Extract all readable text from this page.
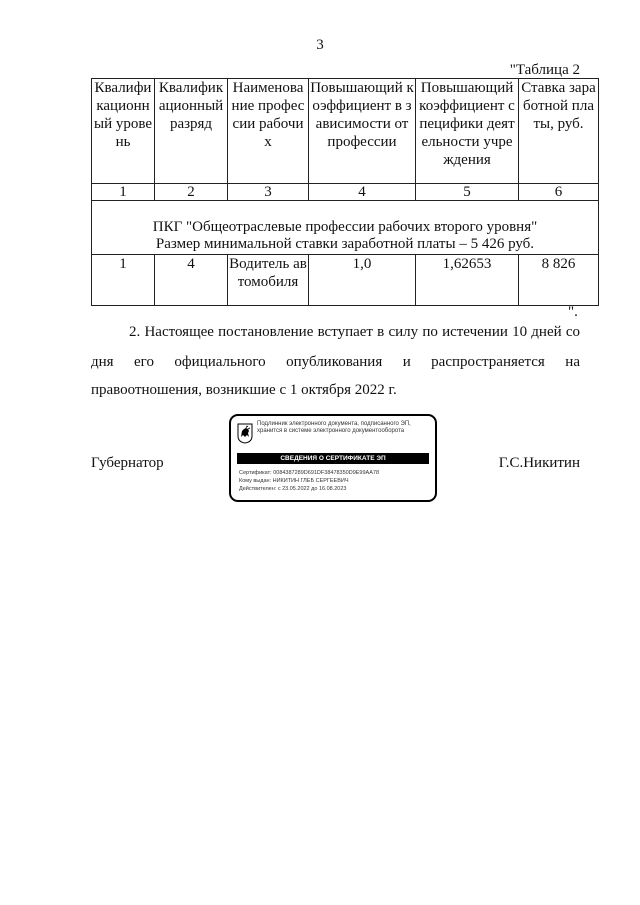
3
"Таблица 2
Квалификационный уровень	Квалификационный разряд	Наименование профессии рабочих	Повышающий коэффициент в зависимости от профессии	Повышающий коэффициент специфики деятельности учреждения	Ставка заработной платы, руб.
1	2	3	4	5	6

ПКГ "Общеотраслевые профессии рабочих второго уровня"
Размер минимальной ставки заработной платы – 5 426 руб.					

1	4	Водитель автомобиля	1,0	1,62653	8 826
".
2. Настоящее постановление вступает в силу по истечении 10 дней со
дня его официального опубликования и распространяется на
правоотношения, возникшие с 1 октября 2022 г.
Губернатор
Подлинник электронного документа, подписанного ЭП, хранится в системе электронного документооборота
СВЕДЕНИЯ О СЕРТИФИКАТЕ ЭП
Сертификат: 0084387289D691DF38478350D9E99AA78
Кому выдан: НИКИТИН ГЛЕБ СЕРГЕЕВИЧ
Действителен: с 23.05.2022 до 16.08.2023
Г.С.Никитин
